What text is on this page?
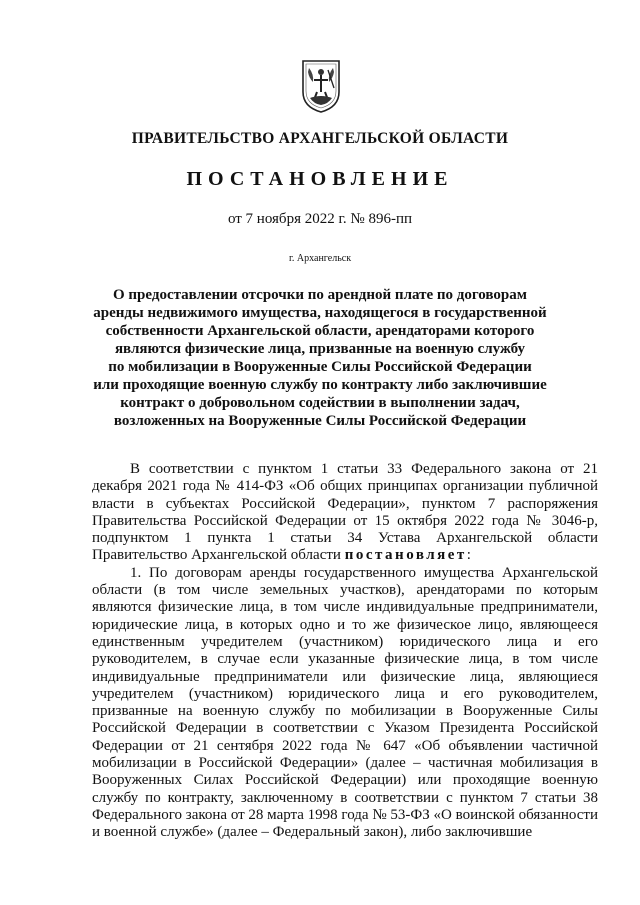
ПРАВИТЕЛЬСТВО АРХАНГЕЛЬСКОЙ ОБЛАСТИ
ПОСТАНОВЛЕНИЕ
от 7 ноября 2022 г. № 896-пп
г. Архангельск
О предоставлении отсрочки по арендной плате по договорам
аренды недвижимого имущества, находящегося в государственной
собственности Архангельской области, арендаторами которого
являются физические лица, призванные на военную службу
по мобилизации в Вооруженные Силы Российской Федерации
или проходящие военную службу по контракту либо заключившие
контракт о добровольном содействии в выполнении задач,
возложенных на Вооруженные Силы Российской Федерации

В соответствии с пунктом 1 статьи 33 Федерального закона от 21 декабря 2021 года № 414-ФЗ «Об общих принципах организации публичной власти в субъектах Российской Федерации», пунктом 7 распоряжения Правительства Российской Федерации от 15 октября 2022 года № 3046-р, подпунктом 1 пункта 1 статьи 34 Устава Архангельской области Правительство Архангельской области постановляет:

1. По договорам аренды государственного имущества Архангельской области (в том числе земельных участков), арендаторами по которым являются физические лица, в том числе индивидуальные предприниматели, юридические лица, в которых одно и то же физическое лицо, являющееся единственным учредителем (участником) юридического лица и его руководителем, в случае если указанные физические лица, в том числе индивидуальные предприниматели или физические лица, являющиеся учредителем (участником) юридического лица и его руководителем, призванные на военную службу по мобилизации в Вооруженные Силы Российской Федерации в соответствии с Указом Президента Российской Федерации от 21 сентября 2022 года № 647 «Об объявлении частичной мобилизации в Российской Федерации» (далее – частичная мобилизация в Вооруженных Силах Российской Федерации) или проходящие военную службу по контракту, заключенному в соответствии с пунктом 7 статьи 38 Федерального закона от 28 марта 1998 года № 53-ФЗ «О воинской обязанности и военной службе» (далее – Федеральный закон), либо заключившие
